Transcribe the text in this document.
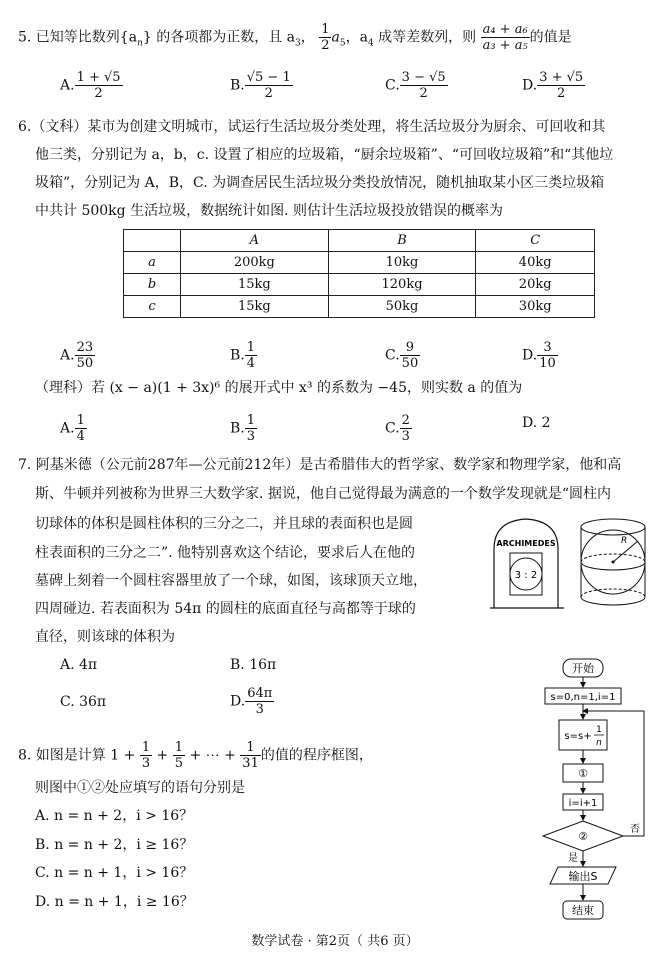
5. 已知等比数列$\{a_n\}$ 的各项都为正数，且 $a_3$， $\frac{1}{2} a_5$，$a_4$ 成等差数列，则 $\frac{\text{a₄ + a₆}}{\text{a₃ + a₅}}$ 的值是
A. $\frac{1 + √5}{2}$	B. $\frac{√5 - 1}{2}$	C. $\frac{3 - √5}{2}$	D. $\frac{3 + √5}{2}$
6.（文科）某市为创建文明城市，试运行生活垃圾分类处理，将生活垃圾分为厨余、可回收和其
他三类，分别记为 a，b，c. 设置了相应的垃圾箱，“厨余垃圾箱”、“可回收垃圾箱”和“其他垃
圾箱”，分别记为 A，B，C. 为调查居民生活垃圾分类投放情况，随机抽取某小区三类垃圾箱
中共计 500kg 生活垃圾，数据统计如图. 则估计生活垃圾投放错误的概率为
	A	B	C
a	200kg	10kg	40kg
b	15kg	120kg	20kg
c	15kg	50kg	30kg
A. $\frac{23}{50}$	B. $\frac{1}{4}$	C. $\frac{9}{50}$	D. $\frac{3}{10}$
（理科）若 (x − a)(1 + 3x)⁶ 的展开式中 x³ 的系数为 −45，则实数 a 的值为
A. $\frac{1}{4}$	B. $\frac{1}{3}$	C. $\frac{2}{3}$	D. 2
7. 阿基米德（公元前287年—公元前212年）是古希腊伟大的哲学家、数学家和物理学家，他和高
斯、牛顿并列被称为世界三大数学家. 据说，他自己觉得最为满意的一个数学发现就是“圆柱内
切球体的体积是圆柱体积的三分之二，并且球的表面积也是圆
柱表面积的三分之二”. 他特别喜欢这个结论，要求后人在他的
墓碑上刻着一个圆柱容器里放了一个球，如图，该球顶天立地，
四周碰边. 若表面积为 54π 的圆柱的底面直径与高都等于球的
直径，则该球的体积为
ARCHIMEDES
3 : 2
R
A. 4π	B. 16π
C. 36π	D. $\frac{64\pi}{3}$
8. 如图是计算 $1 + \frac{1}{3} + \frac{1}{5}$ + ⋯ + $\frac{1}{31}$ 的值的程序框图，
则图中①②处应填写的语句分别是
A. n = n + 2，i > 16？
B. n = n + 2，i ≥ 16？
C. n = n + 1，i > 16？
D. n = n + 1，i ≥ 16？
开始
s=0,n=1,i=1
s=s+
1
n
①
i=i+1
②
否
是
输出S
结束
数学试卷 · 第2页（ 共6 页）
